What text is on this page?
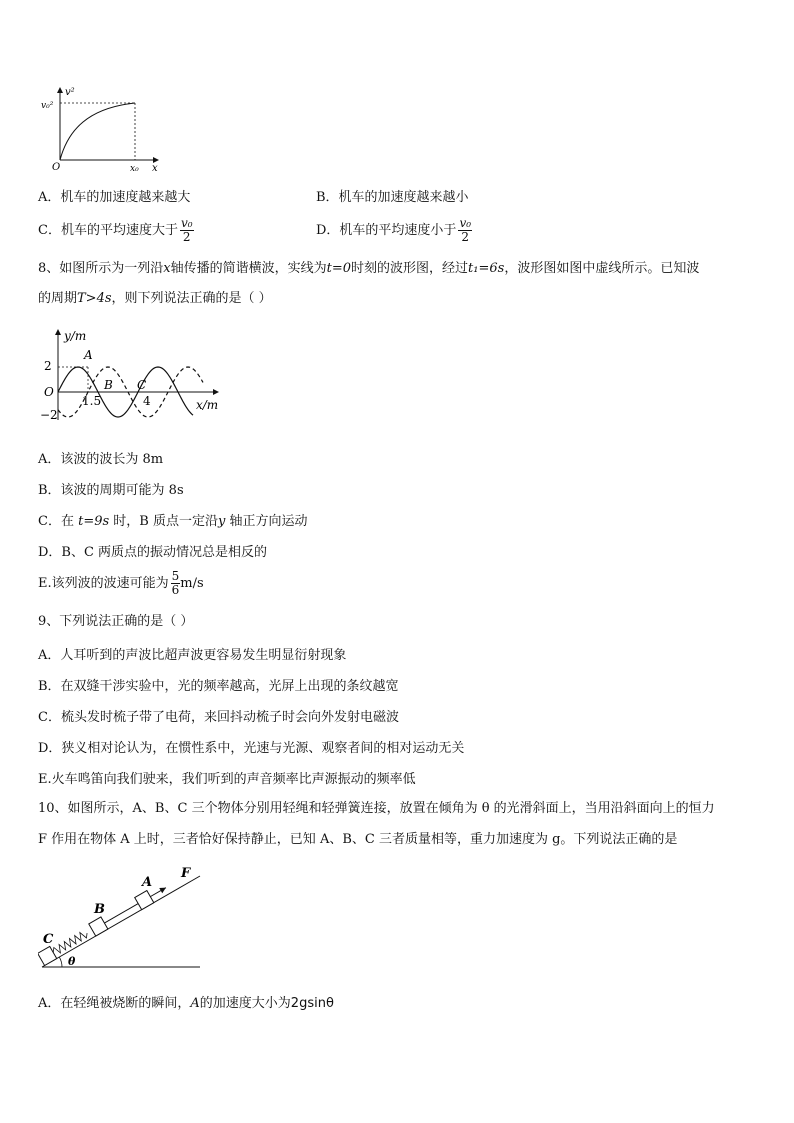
v²
v₀²
O	x₀ x
A．机车的加速度越来越大	B．机车的加速度越来越小
C．机车的平均速度大于 $\frac{\text{v₀}}{2}$	D．机车的平均速度小于 $\frac{\text{v₀}}{2}$
8、如图所示为一列沿x轴传播的简谐横波，实线为t=0时刻的波形图，经过t₁=6s，波形图如图中虚线所示。已知波
的周期T>4s，则下列说法正确的是（ ）
y/m
2
O
−2
A
B C
1.5	4	x/m
A．该波的波长为 8m
B．该波的周期可能为 8s
C．在 t=9s 时，B 质点一定沿y 轴正方向运动
D．B、C 两质点的振动情况总是相反的
E.该列波的波速可能为 $\frac{5}{6} m/s$
9、下列说法正确的是（ ）
A．人耳听到的声波比超声波更容易发生明显衍射现象
B．在双缝干涉实验中，光的频率越高，光屏上出现的条纹越宽
C．梳头发时梳子带了电荷，来回抖动梳子时会向外发射电磁波
D．狭义相对论认为，在惯性系中，光速与光源、观察者间的相对运动无关
E.火车鸣笛向我们驶来，我们听到的声音频率比声源振动的频率低
10、如图所示，A、B、C 三个物体分别用轻绳和轻弹簧连接，放置在倾角为 θ 的光滑斜面上，当用沿斜面向上的恒力
F 作用在物体 A 上时，三者恰好保持静止，已知 A、B、C 三者质量相等，重力加速度为 g。下列说法正确的是
θ
C
B
A
F
A．在轻绳被烧断的瞬间，A的加速度大小为2gsinθ
